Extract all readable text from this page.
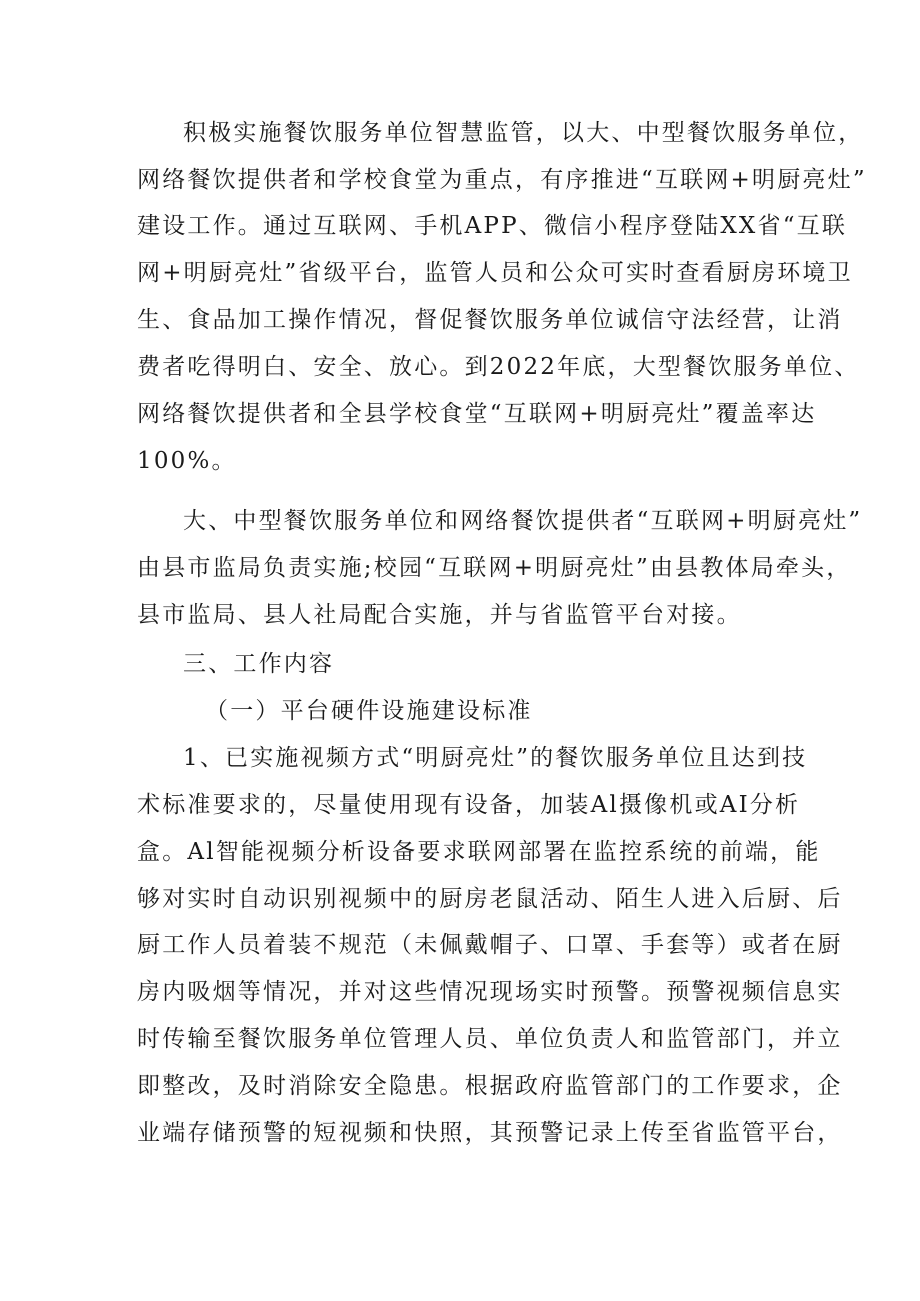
积极实施餐饮服务单位智慧监管，以大、中型餐饮服务单位，
网络餐饮提供者和学校食堂为重点，有序推进“互联网+明厨亮灶”
建设工作。通过互联网、手机APP、微信小程序登陆XX省“互联
网+明厨亮灶”省级平台，监管人员和公众可实时查看厨房环境卫
生、食品加工操作情况，督促餐饮服务单位诚信守法经营，让消
费者吃得明白、安全、放心。到2022年底，大型餐饮服务单位、
网络餐饮提供者和全县学校食堂“互联网+明厨亮灶”覆盖率达
100%。
大、中型餐饮服务单位和网络餐饮提供者“互联网+明厨亮灶”
由县市监局负责实施;校园“互联网+明厨亮灶”由县教体局牵头，
县市监局、县人社局配合实施，并与省监管平台对接。
三、工作内容
（一）平台硬件设施建设标准
1、已实施视频方式“明厨亮灶”的餐饮服务单位且达到技
术标准要求的，尽量使用现有设备，加装Al摄像机或AI分析
盒。Al智能视频分析设备要求联网部署在监控系统的前端，能
够对实时自动识别视频中的厨房老鼠活动、陌生人进入后厨、后
厨工作人员着装不规范（未佩戴帽子、口罩、手套等）或者在厨
房内吸烟等情况，并对这些情况现场实时预警。预警视频信息实
时传输至餐饮服务单位管理人员、单位负责人和监管部门，并立
即整改，及时消除安全隐患。根据政府监管部门的工作要求，企
业端存储预警的短视频和快照，其预警记录上传至省监管平台，
